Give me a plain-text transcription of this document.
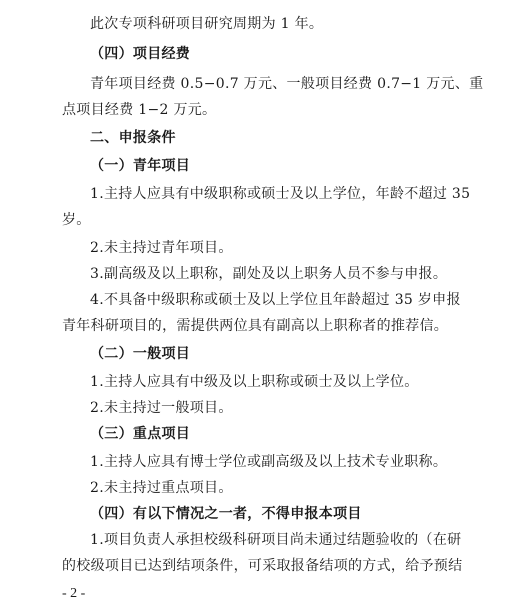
此次专项科研项目研究周期为 1 年。
（四）项目经费
青年项目经费 0.5−0.7 万元、一般项目经费 0.7−1 万元、重
点项目经费 1−2 万元。
二、申报条件
（一）青年项目
1.主持人应具有中级职称或硕士及以上学位，年龄不超过 35
岁。
2.未主持过青年项目。
3.副高级及以上职称，副处及以上职务人员不参与申报。
4.不具备中级职称或硕士及以上学位且年龄超过 35 岁申报
青年科研项目的，需提供两位具有副高以上职称者的推荐信。
（二）一般项目
1.主持人应具有中级及以上职称或硕士及以上学位。
2.未主持过一般项目。
（三）重点项目
1.主持人应具有博士学位或副高级及以上技术专业职称。
2.未主持过重点项目。
（四）有以下情况之一者，不得申报本项目
1.项目负责人承担校级科研项目尚未通过结题验收的（在研
的校级项目已达到结项条件，可采取报备结项的方式，给予预结
- 2 -
